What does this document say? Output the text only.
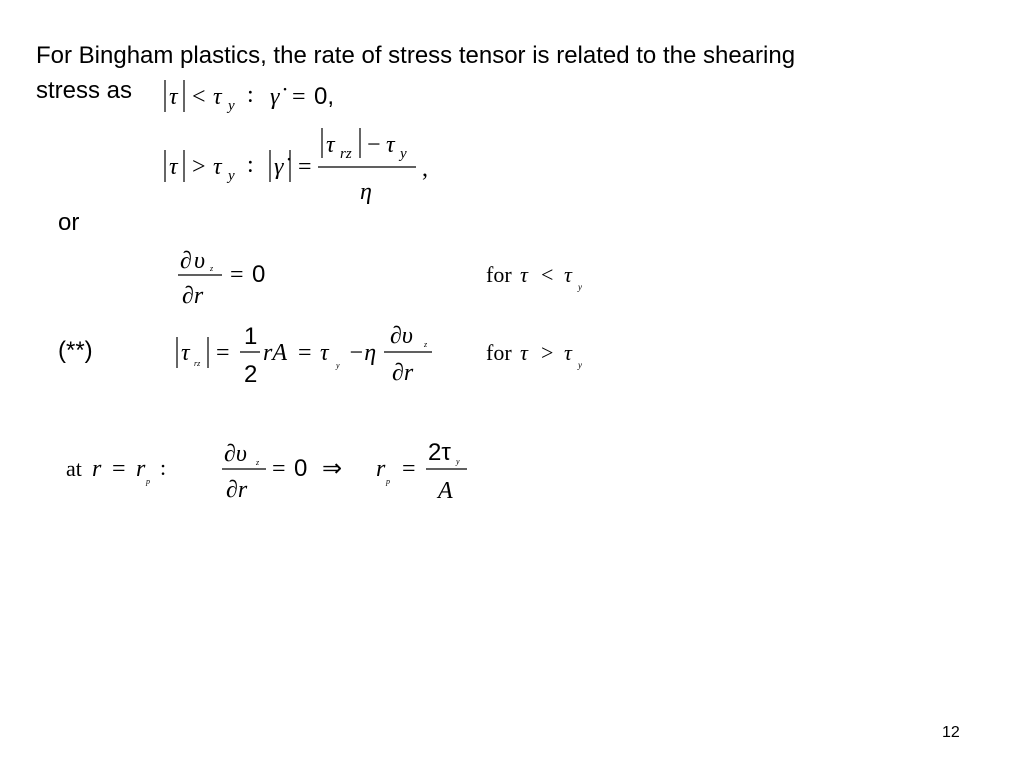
For Bingham plastics, the rate of stress tensor is related to the shearing
stress as
or
(**)
τ < τ y : γ̇ = 0,
τ > τ y : γ̇ =
τ rz − τ y
η
,
∂ υ z
∂r
= 0	for τ < τ y
τ rz =
1
2
rA = τ y −η
∂υ z
∂r
for τ > τ y
at r = r p
:
∂υ z
∂r
= 0 ⇒ r p =
2τ y
A
12
